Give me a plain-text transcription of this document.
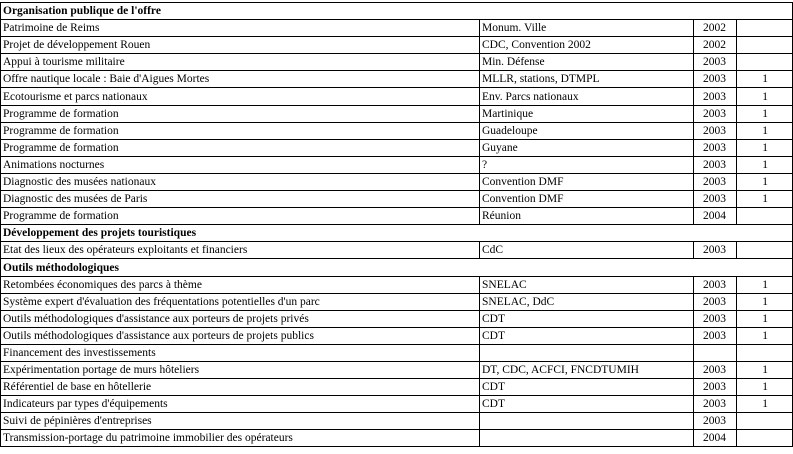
Organisation publique de l'offre			
Patrimoine de Reims	Monum. Ville	2002	
Projet de développement Rouen	CDC, Convention 2002	2002	
Appui à tourisme militaire	Min. Défense	2003	
Offre nautique locale : Baie d'Aigues Mortes	MLLR, stations, DTMPL	2003	1
Ecotourisme et parcs nationaux	Env. Parcs nationaux	2003	1
Programme de formation	Martinique	2003	1
Programme de formation	Guadeloupe	2003	1
Programme de formation	Guyane	2003	1
Animations nocturnes	?	2003	1
Diagnostic des musées nationaux	Convention DMF	2003	1
Diagnostic des musées de Paris	Convention DMF	2003	1
Programme de formation	Réunion	2004	
Développement des projets touristiques			
Etat des lieux des opérateurs exploitants et financiers	CdC	2003	
Outils méthodologiques			
Retombées économiques des parcs à thème	SNELAC	2003	1
Système expert d'évaluation des fréquentations potentielles d'un parc	SNELAC, DdC	2003	1
Outils méthodologiques d'assistance aux porteurs de projets privés	CDT	2003	1
Outils méthodologiques d'assistance aux porteurs de projets publics	CDT	2003	1
Financement des investissements			
Expérimentation portage de murs hôteliers	DT, CDC, ACFCI, FNCDTUMIH	2003	1
Référentiel de base en hôtellerie	CDT	2003	1
Indicateurs par types d'équipements	CDT	2003	1
Suivi de pépinières d'entreprises		2003	
Transmission-portage du patrimoine immobilier des opérateurs		2004	
